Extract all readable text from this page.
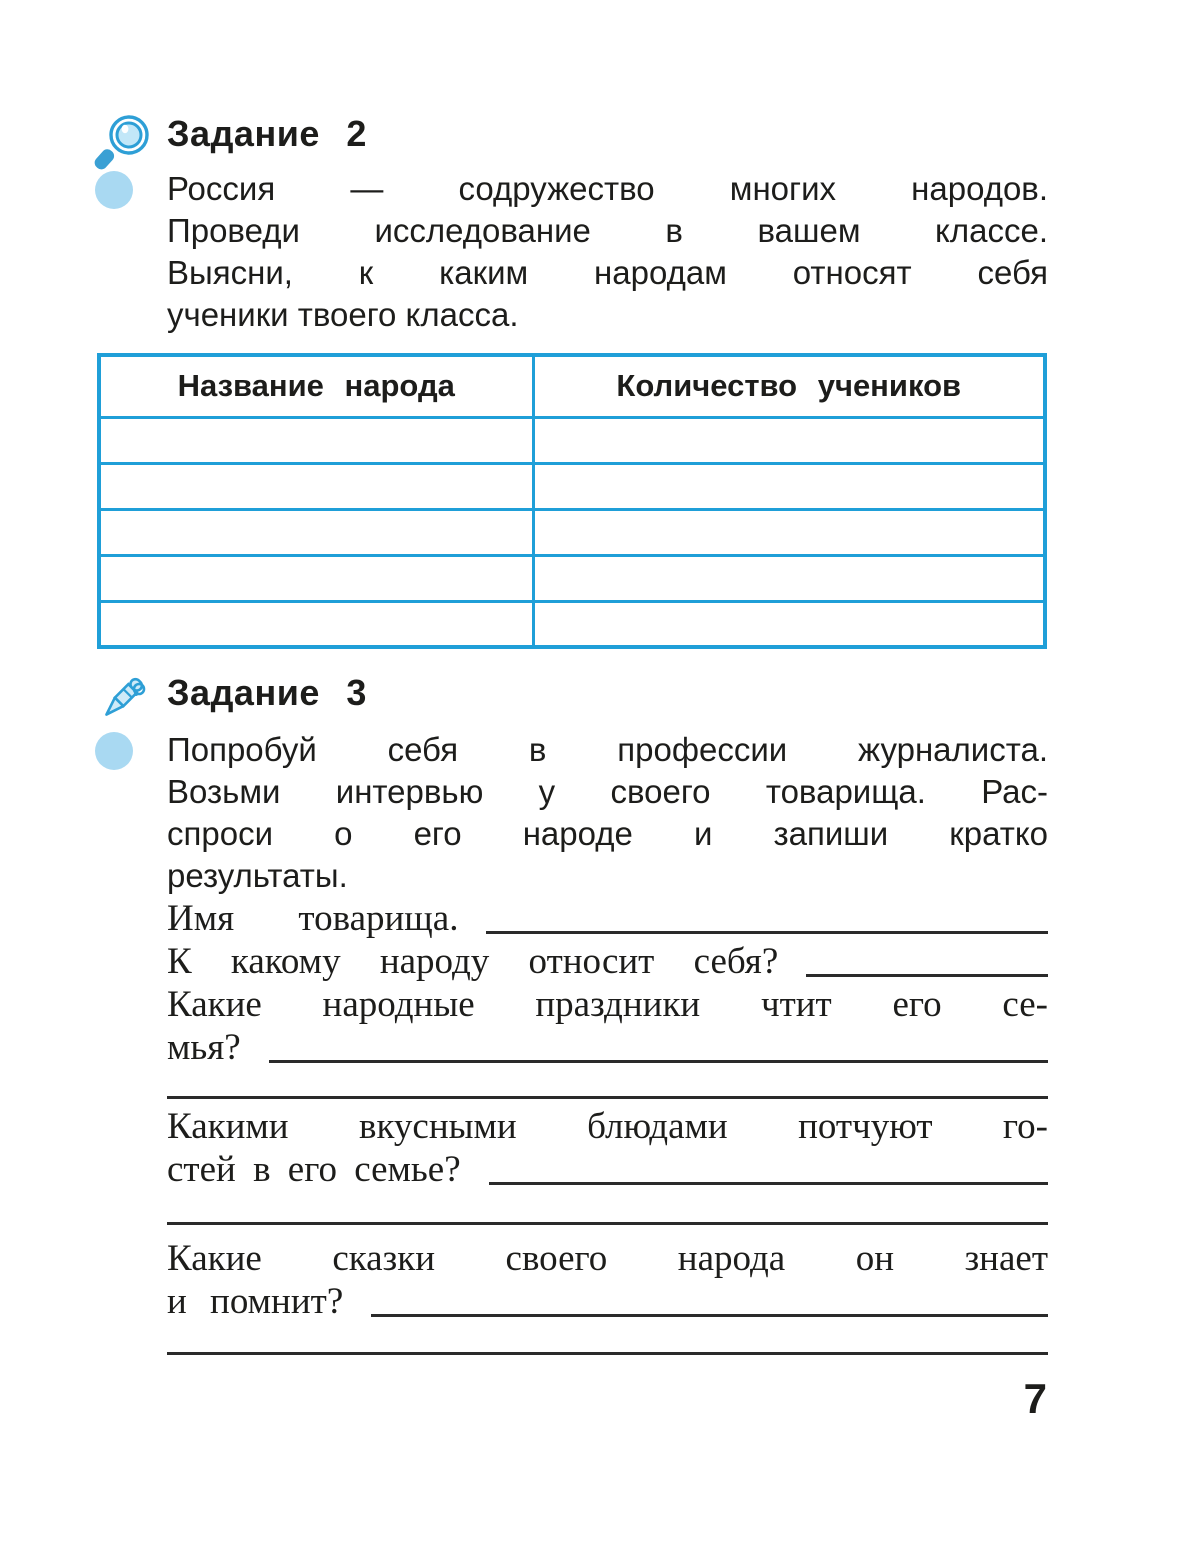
Задание 2
Россия — содружество многих народов.
Проведи исследование в вашем классе.
Выясни, к каким народам относят себя
ученики твоего класса.
Название народа	Количество учеников

Задание 3
Попробуй себя в профессии журналиста.
Возьми интервью у своего товарища. Рас-
спроси о его народе и запиши кратко
результаты.
Имя товарища.
К какому народу относит себя?
Какие народные праздники чтит его се-
мья?
Какими вкусными блюдами потчуют го-
стей в его семье?
Какие сказки своего народа он знает
и помнит?
7
